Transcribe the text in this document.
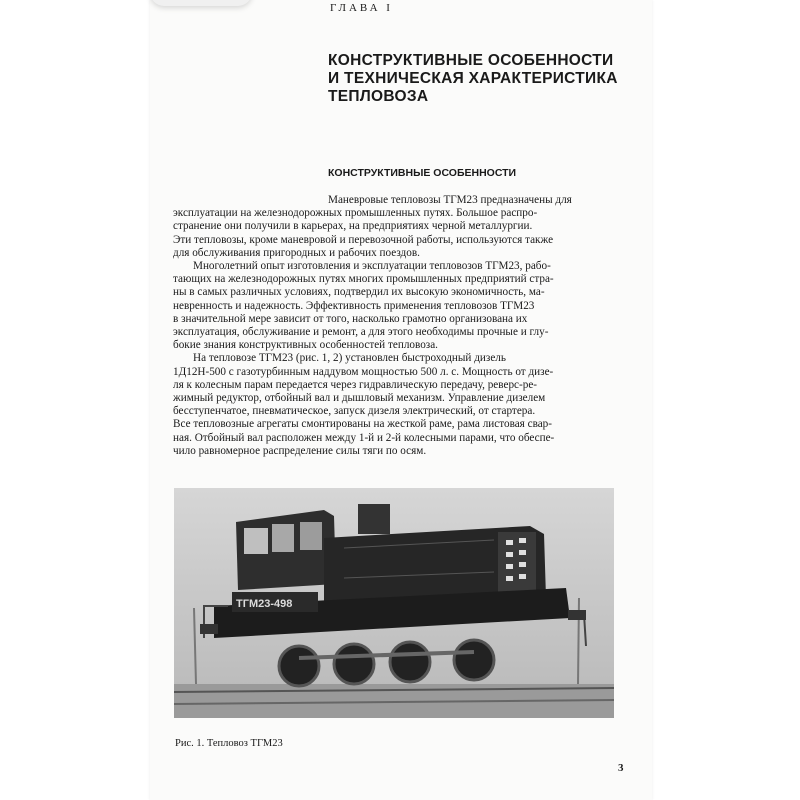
ГЛАВА I
КОНСТРУКТИВНЫЕ ОСОБЕННОСТИ
И ТЕХНИЧЕСКАЯ ХАРАКТЕРИСТИКА
ТЕПЛОВОЗА
КОНСТРУКТИВНЫЕ ОСОБЕННОСТИ
Маневровые тепловозы ТГМ23 предназначены для
эксплуатации на железнодорожных промышленных путях. Большое распро-
странение они получили в карьерах, на предприятиях черной металлургии.
Эти тепловозы, кроме маневровой и перевозочной работы, используются также
для обслуживания пригородных и рабочих поездов.
Многолетний опыт изготовления и эксплуатации тепловозов ТГМ23, рабо-
тающих на железнодорожных путях многих промышленных предприятий стра-
ны в самых различных условиях, подтвердил их высокую экономичность, ма-
невренность и надежность. Эффективность применения тепловозов ТГМ23
в значительной мере зависит от того, насколько грамотно организована их
эксплуатация, обслуживание и ремонт, а для этого необходимы прочные и глу-
бокие знания конструктивных особенностей тепловоза.
На тепловозе ТГМ23 (рис. 1, 2) установлен быстроходный дизель
1Д12Н-500 с газотурбинным наддувом мощностью 500 л. с. Мощность от дизе-
ля к колесным парам передается через гидравлическую передачу, реверс-ре-
жимный редуктор, отбойный вал и дышловый механизм. Управление дизелем
бесступенчатое, пневматическое, запуск дизеля электрический, от стартера.
Все тепловозные агрегаты смонтированы на жесткой раме, рама листовая свар-
ная. Отбойный вал расположен между 1-й и 2-й колесными парами, что обеспе-
чило равномерное распределение силы тяги по осям.
ТГМ23-498
Рис. 1. Тепловоз ТГМ23
3
